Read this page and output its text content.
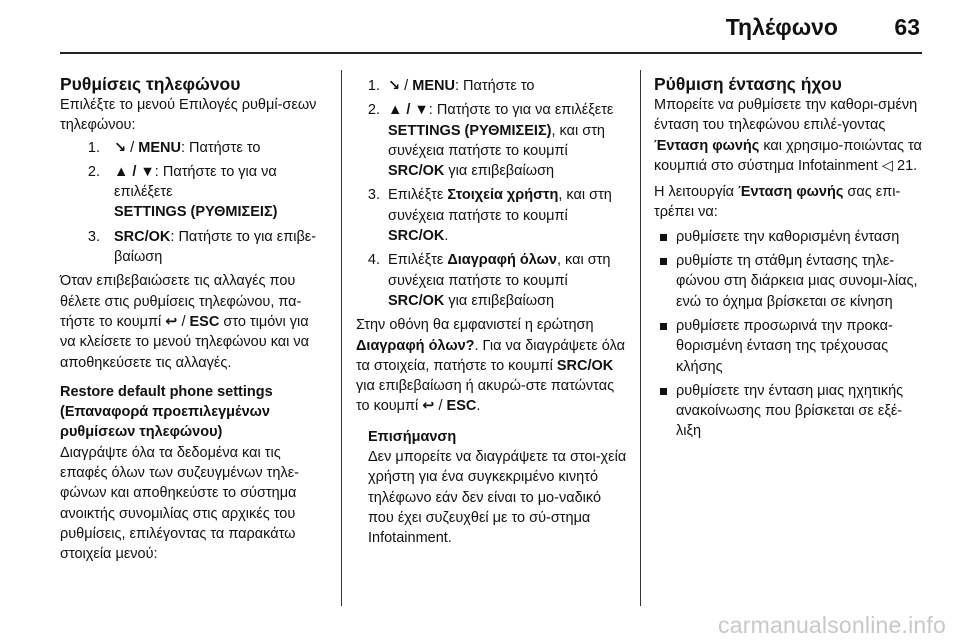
Τηλέφωνο 63
Ρυθμίσεις τηλεφώνου

Επιλέξτε το μενού Επιλογές ρυθμί-σεων τηλεφώνου:

1. ↘ / MENU: Πατήστε το
2. ▲ / ▼: Πατήστε το για να επιλέξετε
SETTINGS (ΡΥΘΜΙΣΕΙΣ)
3. SRC/OK: Πατήστε το για επιβε-βαίωση

Όταν επιβεβαιώσετε τις αλλαγές που θέλετε στις ρυθμίσεις τηλεφώνου, πα-τήστε το κουμπί ↩ / ESC στο τιμόνι για να κλείσετε το μενού τηλεφώνου και να αποθηκεύσετε τις αλλαγές.

Restore default phone settings (Επαναφορά προεπιλεγμένων ρυθμίσεων τηλεφώνου)

Διαγράψτε όλα τα δεδομένα και τις επαφές όλων των συζευγμένων τηλε-φώνων και αποθηκεύστε το σύστημα ανοικτής συνομιλίας στις αρχικές του ρυθμίσεις, επιλέγοντας τα παρακάτω στοιχεία μενού:

1. ↘ / MENU: Πατήστε το
2. ▲ / ▼: Πατήστε το για να επιλέξετε SETTINGS (ΡΥΘΜΙΣΕΙΣ), και στη συνέχεια πατήστε το κουμπί SRC/OK για επιβεβαίωση
3. Επιλέξτε Στοιχεία χρήστη, και στη συνέχεια πατήστε το κουμπί SRC/OK.
4. Επιλέξτε Διαγραφή όλων, και στη συνέχεια πατήστε το κουμπί SRC/OK για επιβεβαίωση

Στην οθόνη θα εμφανιστεί η ερώτηση Διαγραφή όλων?. Για να διαγράψετε όλα τα στοιχεία, πατήστε το κουμπί SRC/OK για επιβεβαίωση ή ακυρώ-στε πατώντας το κουμπί ↩ / ESC.

Επισήμανση

Δεν μπορείτε να διαγράψετε τα στοι-χεία χρήστη για ένα συγκεκριμένο κινητό τηλέφωνο εάν δεν είναι το μο-ναδικό που έχει συζευχθεί με το σύ-στημα Infotainment.

Ρύθμιση έντασης ήχου

Μπορείτε να ρυθμίσετε την καθορι-σμένη ένταση του τηλεφώνου επιλέ-γοντας Ένταση φωνής και χρησιμο-ποιώντας τα κουμπιά στο σύστημα Infotainment ◁ 21.

Η λειτουργία Ένταση φωνής σας επι-τρέπει να:

ρυθμίσετε την καθορισμένη ένταση
ρυθμίστε τη στάθμη έντασης τηλε-φώνου στη διάρκεια μιας συνομι-λίας, ενώ το όχημα βρίσκεται σε κίνηση
ρυθμίσετε προσωρινά την προκα-θορισμένη ένταση της τρέχουσας κλήσης
ρυθμίσετε την ένταση μιας ηχητικής ανακοίνωσης που βρίσκεται σε εξέ-λιξη
carmanualsonline.info
